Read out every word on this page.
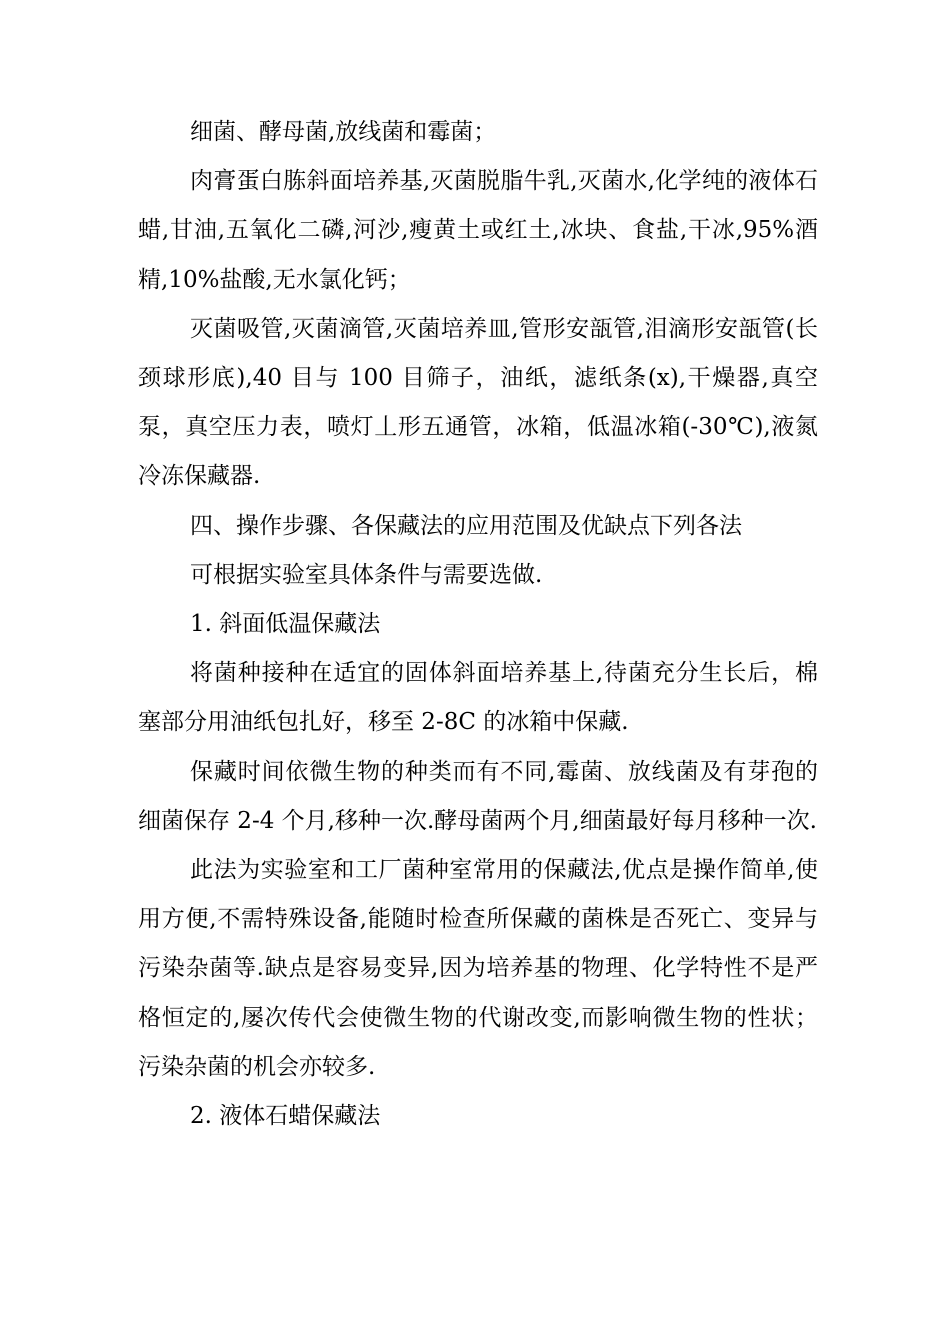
细菌、酵母菌,放线菌和霉菌；

肉膏蛋白胨斜面培养基,灭菌脱脂牛乳,灭菌水,化学纯的液体石蜡,甘油,五氧化二磷,河沙,瘦黄土或红土,冰块、食盐,干冰,95%酒精,10%盐酸,无水氯化钙；

灭菌吸管,灭菌滴管,灭菌培养皿,管形安瓿管,泪滴形安瓿管(长颈球形底),40 目与 100 目筛子，油纸，滤纸条(x),干燥器,真空泵，真空压力表，喷灯丄形五通管，冰箱，低温冰箱(-30℃),液氮冷冻保藏器.

四、操作步骤、各保藏法的应用范围及优缺点下列各法

可根据实验室具体条件与需要选做.

1. 斜面低温保藏法

将菌种接种在适宜的固体斜面培养基上,待菌充分生长后，棉塞部分用油纸包扎好，移至 2-8C 的冰箱中保藏.

保藏时间依微生物的种类而有不同,霉菌、放线菌及有芽孢的细菌保存 2-4 个月,移种一次.酵母菌两个月,细菌最好每月移种一次.

此法为实验室和工厂菌种室常用的保藏法,优点是操作简单,使用方便,不需特殊设备,能随时检查所保藏的菌株是否死亡、变异与污染杂菌等.缺点是容易变异,因为培养基的物理、化学特性不是严格恒定的,屡次传代会使微生物的代谢改变,而影响微生物的性状；污染杂菌的机会亦较多.

2. 液体石蜡保藏法
